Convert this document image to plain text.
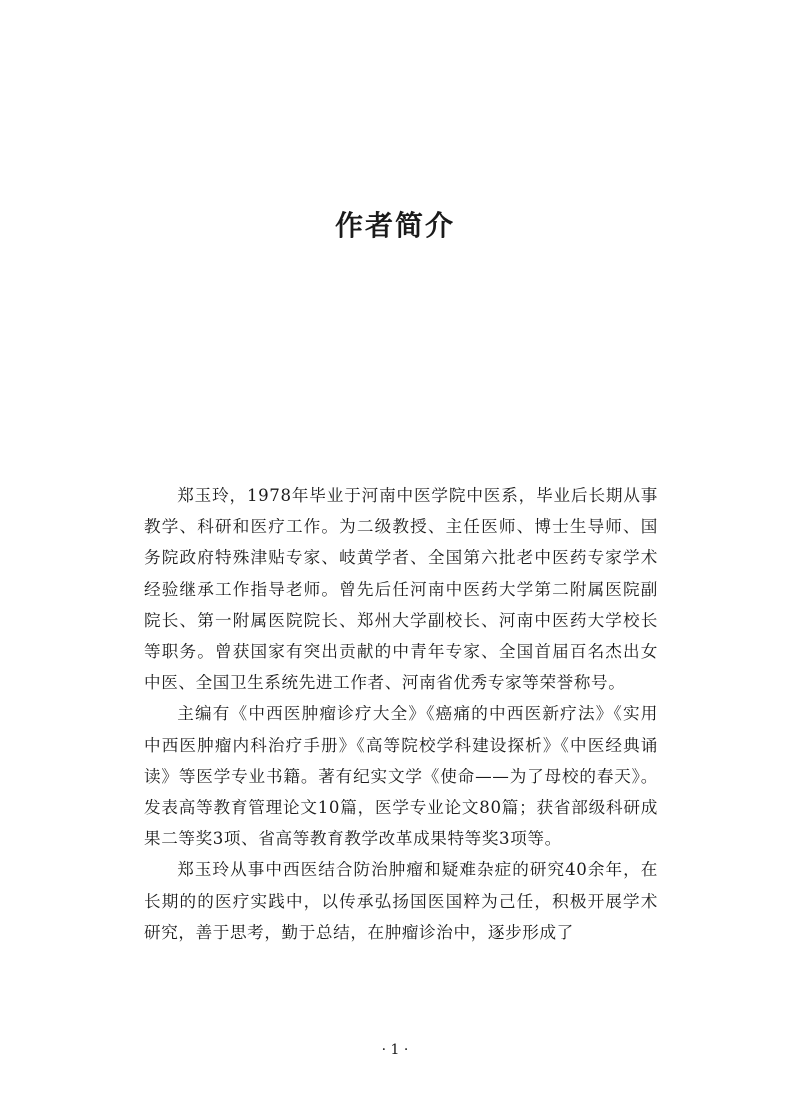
作者简介

郑玉玲，1978年毕业于河南中医学院中医系，毕业后长期从事教学、科研和医疗工作。为二级教授、主任医师、博士生导师、国务院政府特殊津贴专家、岐黄学者、全国第六批老中医药专家学术经验继承工作指导老师。曾先后任河南中医药大学第二附属医院副院长、第一附属医院院长、郑州大学副校长、河南中医药大学校长等职务。曾获国家有突出贡献的中青年专家、全国首届百名杰出女中医、全国卫生系统先进工作者、河南省优秀专家等荣誉称号。

主编有《中西医肿瘤诊疗大全》《癌痛的中西医新疗法》《实用中西医肿瘤内科治疗手册》《高等院校学科建设探析》《中医经典诵读》等医学专业书籍。著有纪实文学《使命——为了母校的春天》。发表高等教育管理论文10篇，医学专业论文80篇；获省部级科研成果二等奖3项、省高等教育教学改革成果特等奖3项等。

郑玉玲从事中西医结合防治肿瘤和疑难杂症的研究40余年，在长期的的医疗实践中，以传承弘扬国医国粹为己任，积极开展学术研究，善于思考，勤于总结，在肿瘤诊治中，逐步形成了

· 1 ·
